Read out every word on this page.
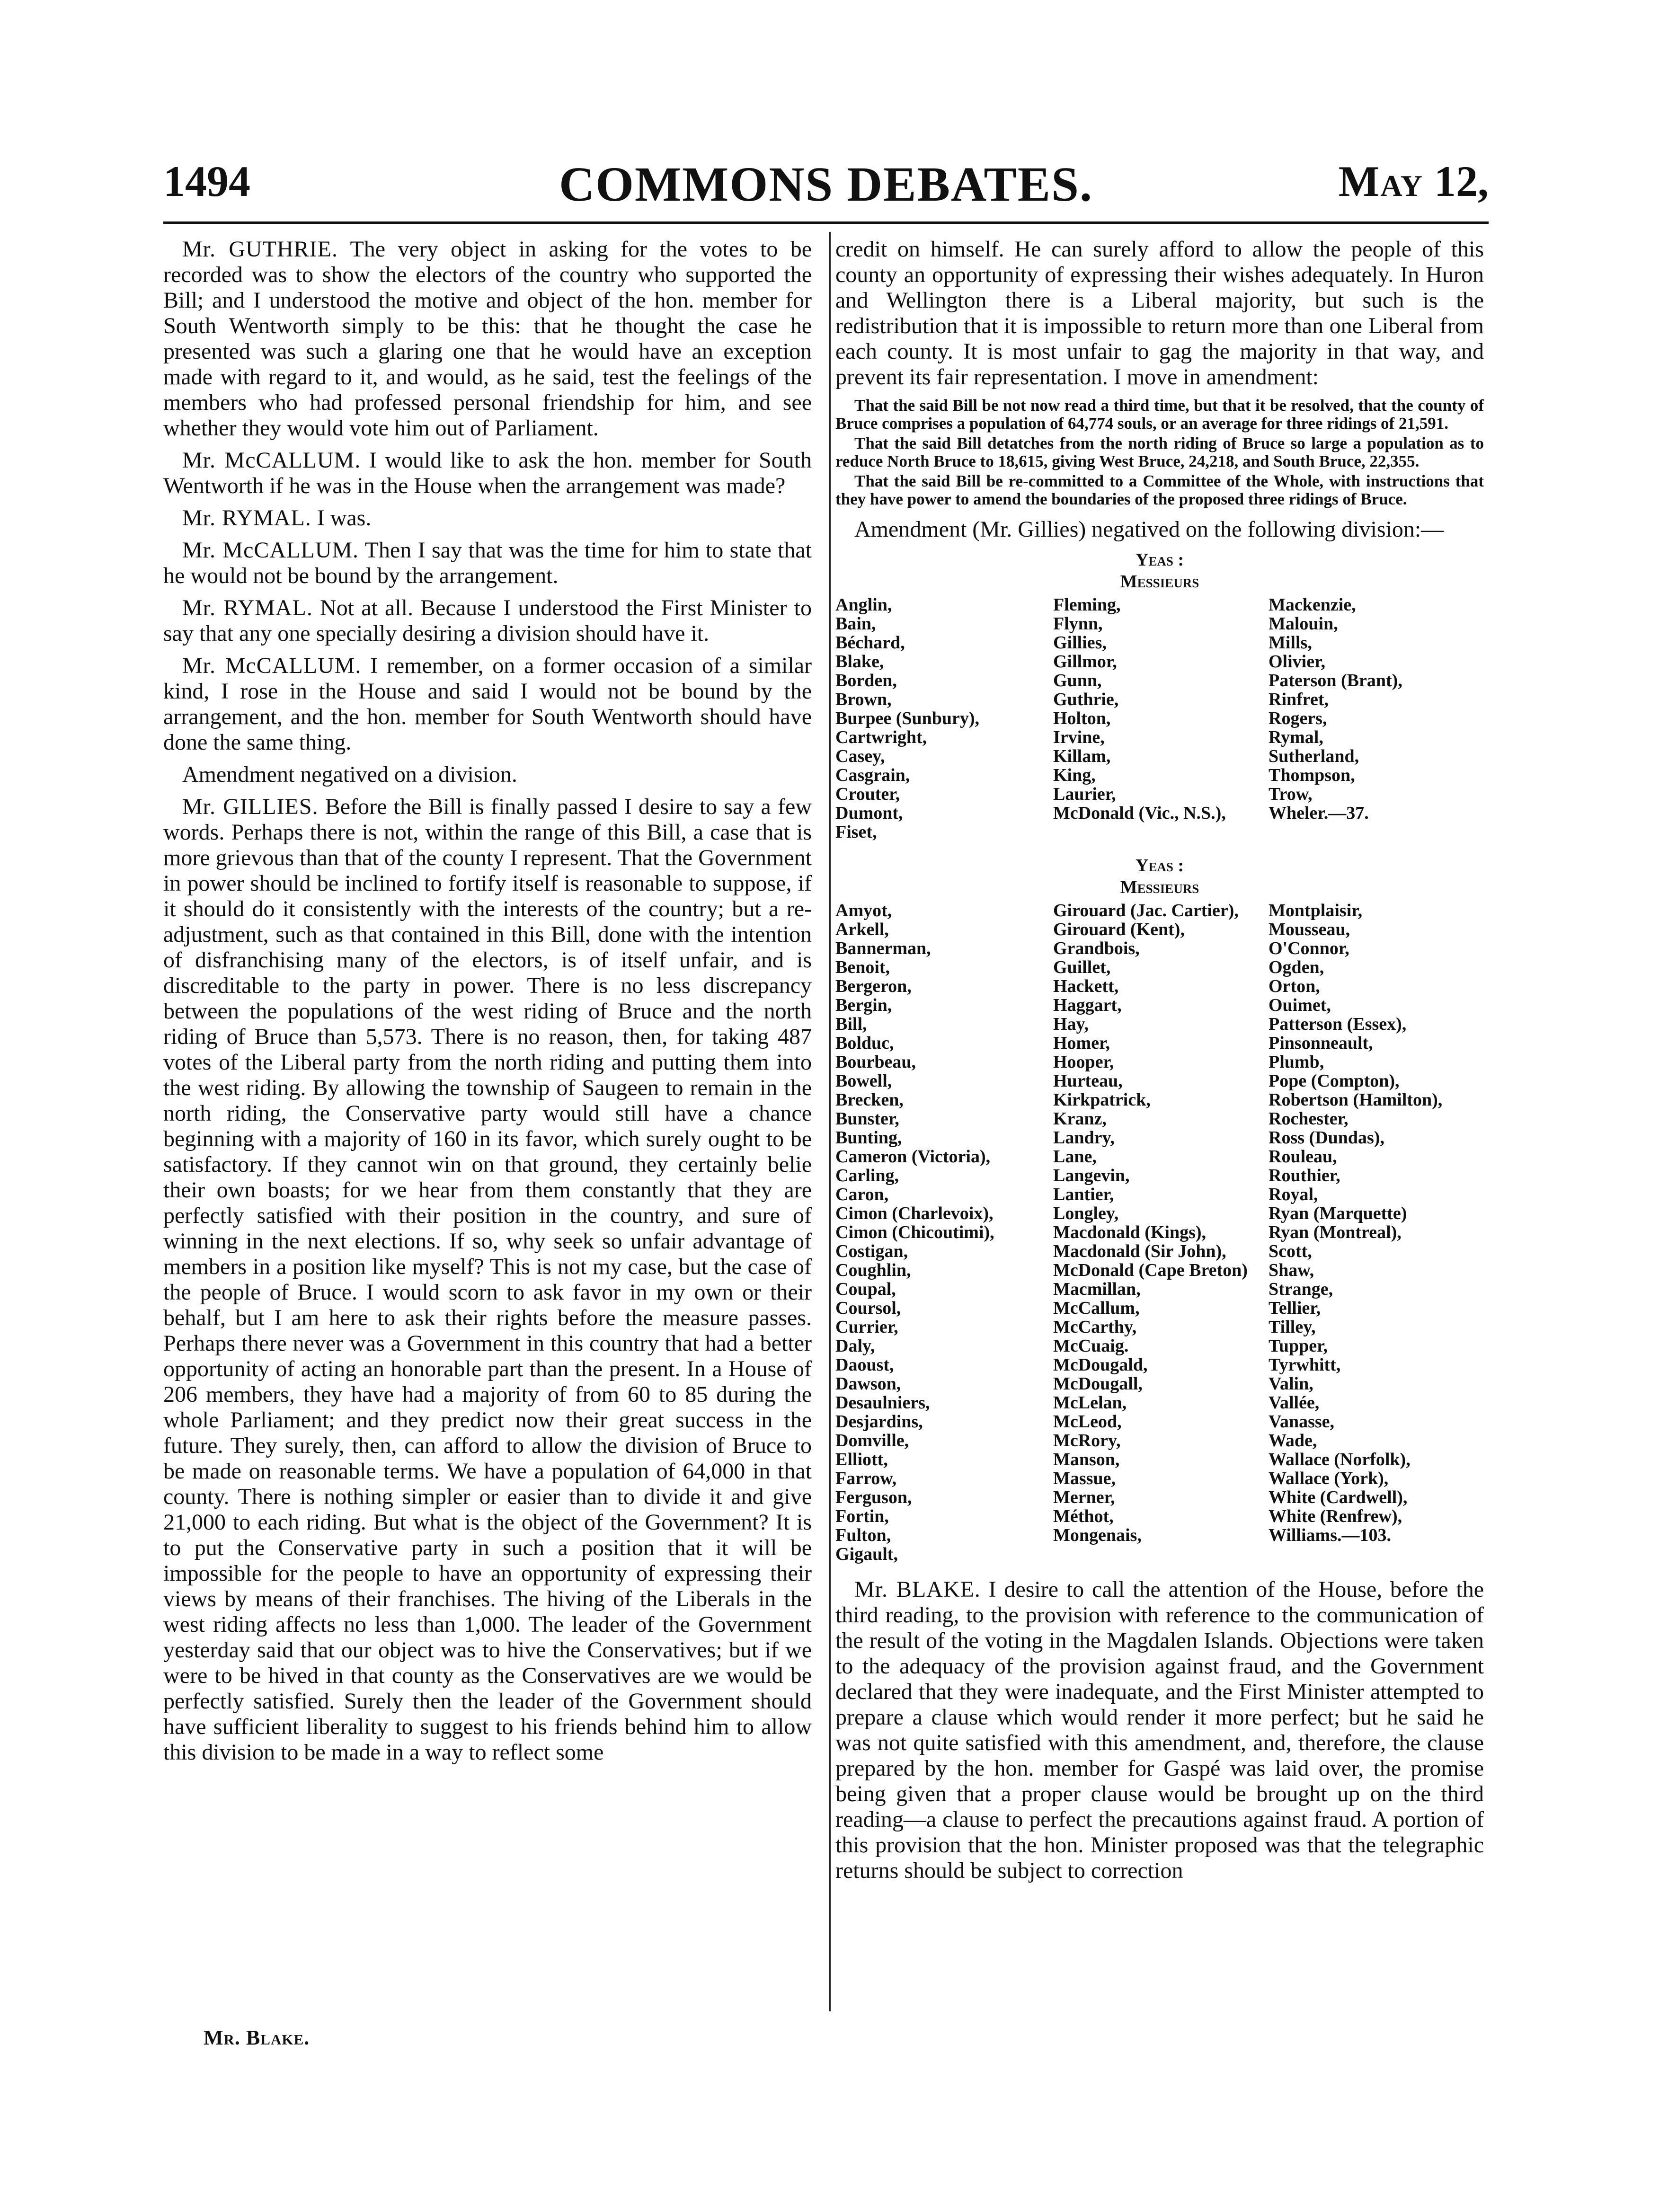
1494	COMMONS DEBATES.	May 12,

Mr. GUTHRIE. The very object in asking for the votes to be recorded was to show the electors of the country who supported the Bill; and I understood the motive and object of the hon. member for South Wentworth simply to be this: that he thought the case he presented was such a glaring one that he would have an exception made with regard to it, and would, as he said, test the feelings of the members who had professed personal friendship for him, and see whether they would vote him out of Parliament.

Mr. McCALLUM. I would like to ask the hon. member for South Wentworth if he was in the House when the arrangement was made?

Mr. RYMAL. I was.

Mr. McCALLUM. Then I say that was the time for him to state that he would not be bound by the arrangement.

Mr. RYMAL. Not at all. Because I understood the First Minister to say that any one specially desiring a division should have it.

Mr. McCALLUM. I remember, on a former occasion of a similar kind, I rose in the House and said I would not be bound by the arrangement, and the hon. member for South Wentworth should have done the same thing.

Amendment negatived on a division.

Mr. GILLIES. Before the Bill is finally passed I desire to say a few words. Perhaps there is not, within the range of this Bill, a case that is more grievous than that of the county I represent. That the Government in power should be inclined to fortify itself is reasonable to suppose, if it should do it consistently with the interests of the country; but a re-adjustment, such as that contained in this Bill, done with the intention of disfranchising many of the electors, is of itself unfair, and is discreditable to the party in power. There is no less discrepancy between the populations of the west riding of Bruce and the north riding of Bruce than 5,573. There is no reason, then, for taking 487 votes of the Liberal party from the north riding and putting them into the west riding. By allowing the township of Saugeen to remain in the north riding, the Conservative party would still have a chance beginning with a majority of 160 in its favor, which surely ought to be satisfactory. If they cannot win on that ground, they certainly belie their own boasts; for we hear from them constantly that they are perfectly satisfied with their position in the country, and sure of winning in the next elections. If so, why seek so unfair advantage of members in a position like myself? This is not my case, but the case of the people of Bruce. I would scorn to ask favor in my own or their behalf, but I am here to ask their rights before the measure passes. Perhaps there never was a Government in this country that had a better opportunity of acting an honorable part than the present. In a House of 206 members, they have had a majority of from 60 to 85 during the whole Parliament; and they predict now their great success in the future. They surely, then, can afford to allow the division of Bruce to be made on reasonable terms. We have a population of 64,000 in that county. There is nothing simpler or easier than to divide it and give 21,000 to each riding. But what is the object of the Government? It is to put the Conservative party in such a position that it will be impossible for the people to have an opportunity of expressing their views by means of their franchises. The hiving of the Liberals in the west riding affects no less than 1,000. The leader of the Government yesterday said that our object was to hive the Conservatives; but if we were to be hived in that county as the Conservatives are we would be perfectly satisfied. Surely then the leader of the Government should have sufficient liberality to suggest to his friends behind him to allow this division to be made in a way to reflect some

credit on himself. He can surely afford to allow the people of this county an opportunity of expressing their wishes adequately. In Huron and Wellington there is a Liberal majority, but such is the redistribution that it is impossible to return more than one Liberal from each county. It is most unfair to gag the majority in that way, and prevent its fair representation. I move in amendment:

That the said Bill be not now read a third time, but that it be resolved, that the county of Bruce comprises a population of 64,774 souls, or an average for three ridings of 21,591.

That the said Bill detatches from the north riding of Bruce so large a population as to reduce North Bruce to 18,615, giving West Bruce, 24,218, and South Bruce, 22,355.

That the said Bill be re-committed to a Committee of the Whole, with instructions that they have power to amend the boundaries of the proposed three ridings of Bruce.

Amendment (Mr. Gillies) negatived on the following division:—

Yeas :
Messieurs
Anglin,	Fleming,	Mackenzie,
Bain,	Flynn,	Malouin,
Béchard,	Gillies,	Mills,
Blake,	Gillmor,	Olivier,
Borden,	Gunn,	Paterson (Brant),
Brown,	Guthrie,	Rinfret,
Burpee (Sunbury),	Holton,	Rogers,
Cartwright,	Irvine,	Rymal,
Casey,	Killam,	Sutherland,
Casgrain,	King,	Thompson,
Crouter,	Laurier,	Trow,
Dumont,	McDonald (Vic., N.S.),	Wheler.—37.
Fiset,		
Yeas :
Messieurs
Amyot,	Girouard (Jac. Cartier),	Montplaisir,
Arkell,	Girouard (Kent),	Mousseau,
Bannerman,	Grandbois,	O'Connor,
Benoit,	Guillet,	Ogden,
Bergeron,	Hackett,	Orton,
Bergin,	Haggart,	Ouimet,
Bill,	Hay,	Patterson (Essex),
Bolduc,	Homer,	Pinsonneault,
Bourbeau,	Hooper,	Plumb,
Bowell,	Hurteau,	Pope (Compton),
Brecken,	Kirkpatrick,	Robertson (Hamilton),
Bunster,	Kranz,	Rochester,
Bunting,	Landry,	Ross (Dundas),
Cameron (Victoria),	Lane,	Rouleau,
Carling,	Langevin,	Routhier,
Caron,	Lantier,	Royal,
Cimon (Charlevoix),	Longley,	Ryan (Marquette)
Cimon (Chicoutimi),	Macdonald (Kings),	Ryan (Montreal),
Costigan,	Macdonald (Sir John),	Scott,
Coughlin,	McDonald (Cape Breton)	Shaw,
Coupal,	Macmillan,	Strange,
Coursol,	McCallum,	Tellier,
Currier,	McCarthy,	Tilley,
Daly,	McCuaig.	Tupper,
Daoust,	McDougald,	Tyrwhitt,
Dawson,	McDougall,	Valin,
Desaulniers,	McLelan,	Vallée,
Desjardins,	McLeod,	Vanasse,
Domville,	McRory,	Wade,
Elliott,	Manson,	Wallace (Norfolk),
Farrow,	Massue,	Wallace (York),
Ferguson,	Merner,	White (Cardwell),
Fortin,	Méthot,	White (Renfrew),
Fulton,	Mongenais,	Williams.—103.
Gigault,		

Mr. BLAKE. I desire to call the attention of the House, before the third reading, to the provision with reference to the communication of the result of the voting in the Magdalen Islands. Objections were taken to the adequacy of the provision against fraud, and the Government declared that they were inadequate, and the First Minister attempted to prepare a clause which would render it more perfect; but he said he was not quite satisfied with this amendment, and, therefore, the clause prepared by the hon. member for Gaspé was laid over, the promise being given that a proper clause would be brought up on the third reading—a clause to perfect the precautions against fraud. A portion of this provision that the hon. Minister proposed was that the telegraphic returns should be subject to correction

Mr. Blake.
